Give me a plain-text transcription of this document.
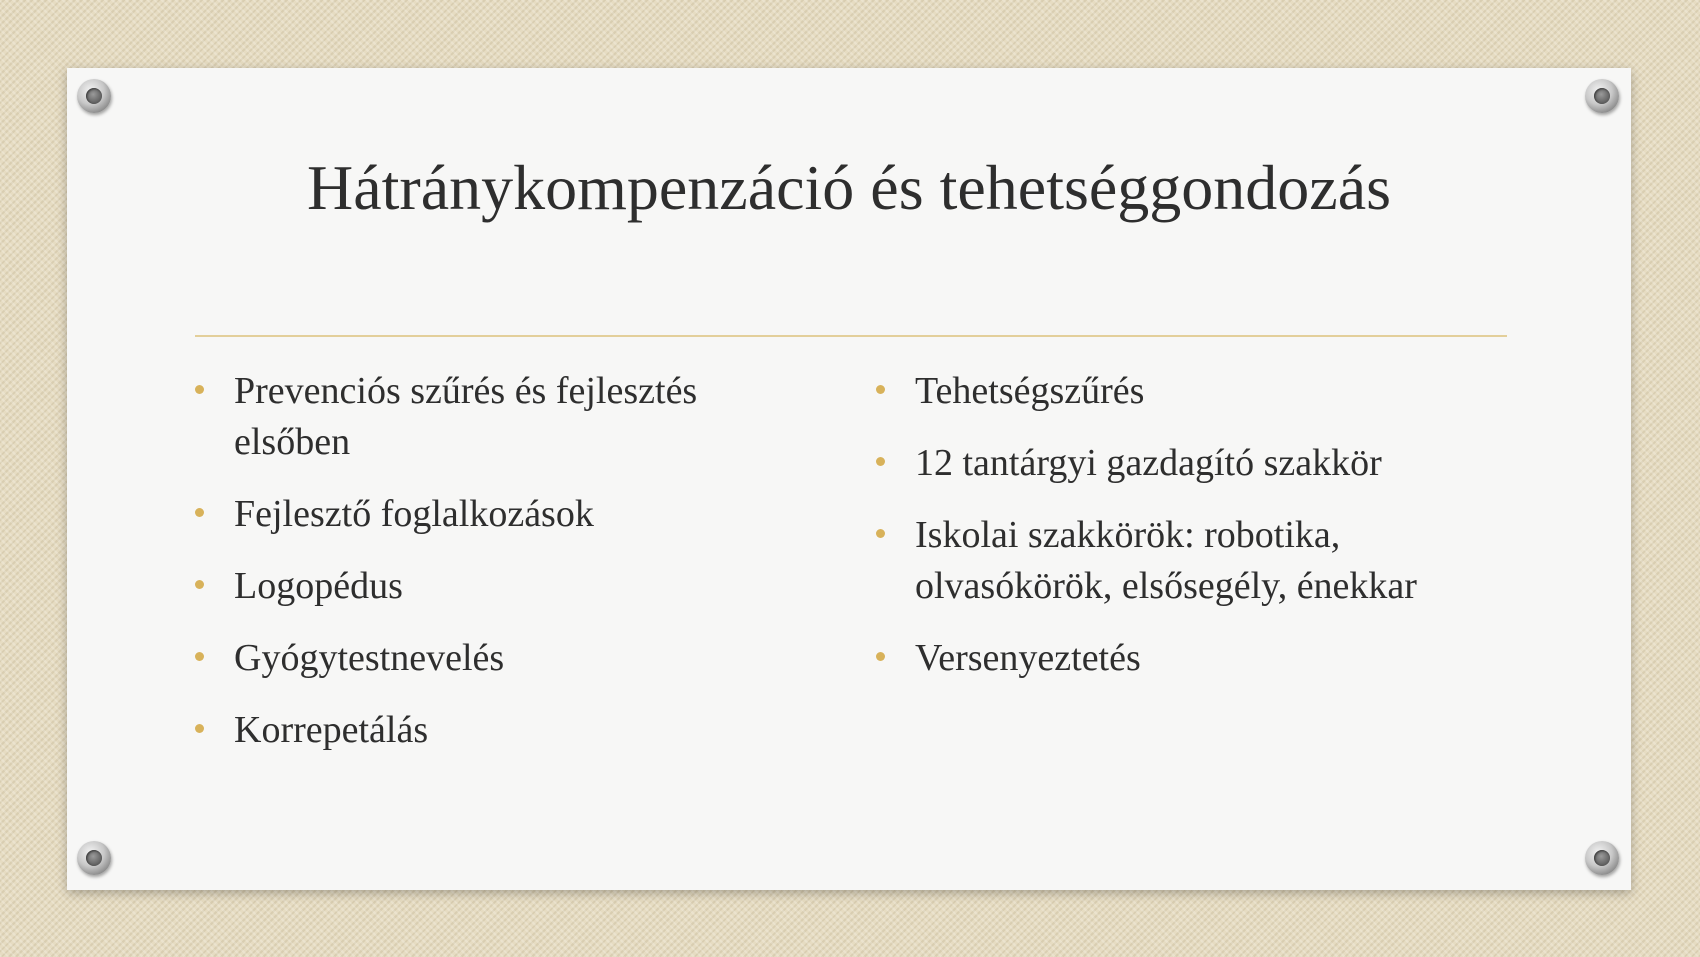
Hátránykompenzáció és tehetséggondozás
Prevenciós szűrés és fejlesztés elsőben
Fejlesztő foglalkozások
Logopédus
Gyógytestnevelés
Korrepetálás
Tehetségszűrés
12 tantárgyi gazdagító szakkör
Iskolai szakkörök: robotika, olvasókörök, elsősegély, énekkar
Versenyeztetés
